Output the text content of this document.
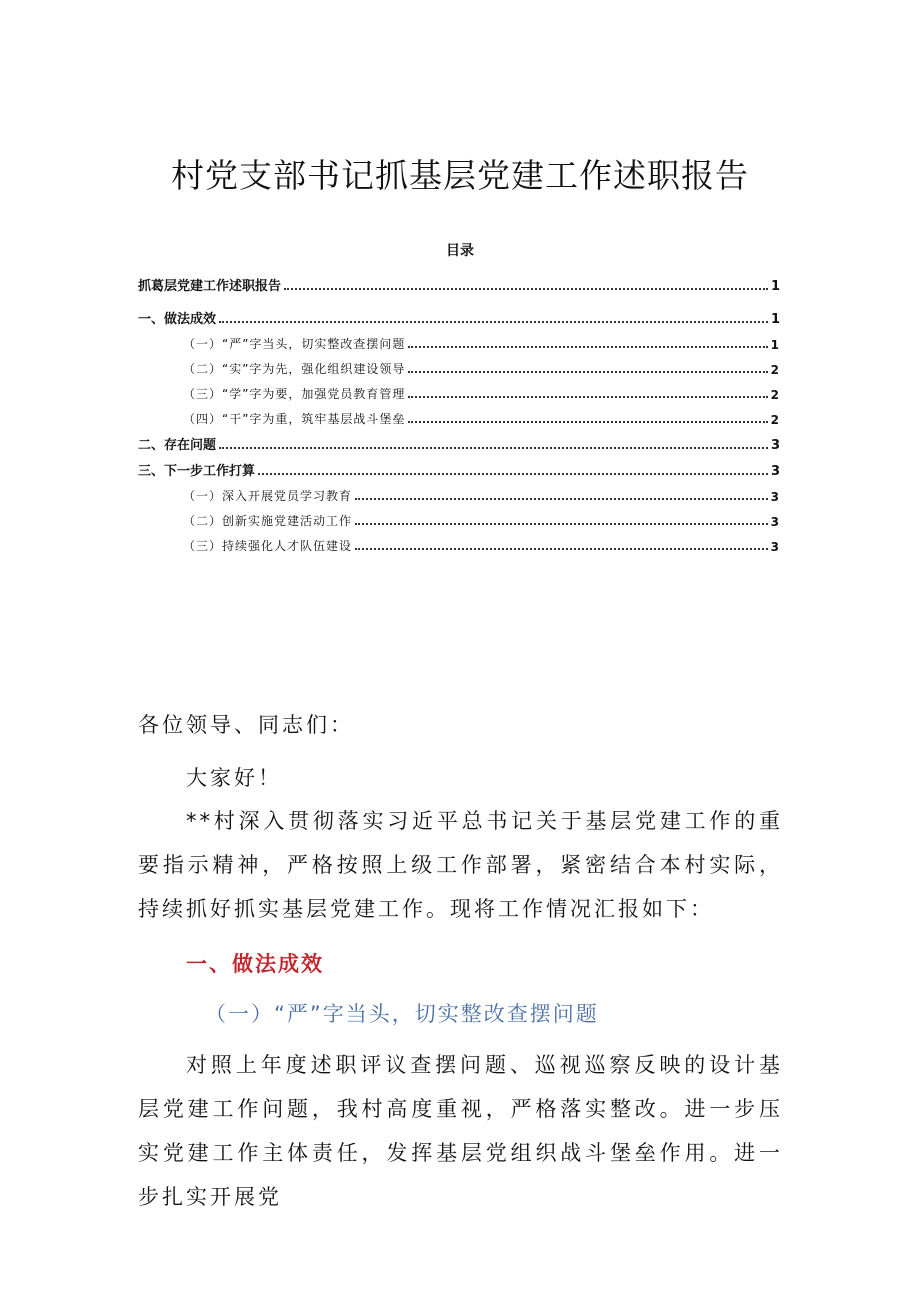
村党支部书记抓基层党建工作述职报告
目录
抓葛层党建工作述职报告	1
一、做法成效	1
（一）“严”字当头，切实整改查摆问题	1
（二）“实”字为先，强化组织建设领导	2
（三）“学”字为要，加强党员教育管理	2
（四）“干”字为重，筑牢基层战斗堡垒	2
二、存在问题	3
三、下一步工作打算	3
（一）深入开展党员学习教育	3
（二）创新实施党建活动工作	3
（三）持续强化人才队伍建设	3
各位领导、同志们：
大家好！
**村深入贯彻落实习近平总书记关于基层党建工作的重要指示精神，严格按照上级工作部署，紧密结合本村实际，持续抓好抓实基层党建工作。现将工作情况汇报如下：
一、做法成效
（一）“严”字当头，切实整改查摆问题
对照上年度述职评议查摆问题、巡视巡察反映的设计基层党建工作问题，我村高度重视，严格落实整改。进一步压实党建工作主体责任，发挥基层党组织战斗堡垒作用。进一步扎实开展党
